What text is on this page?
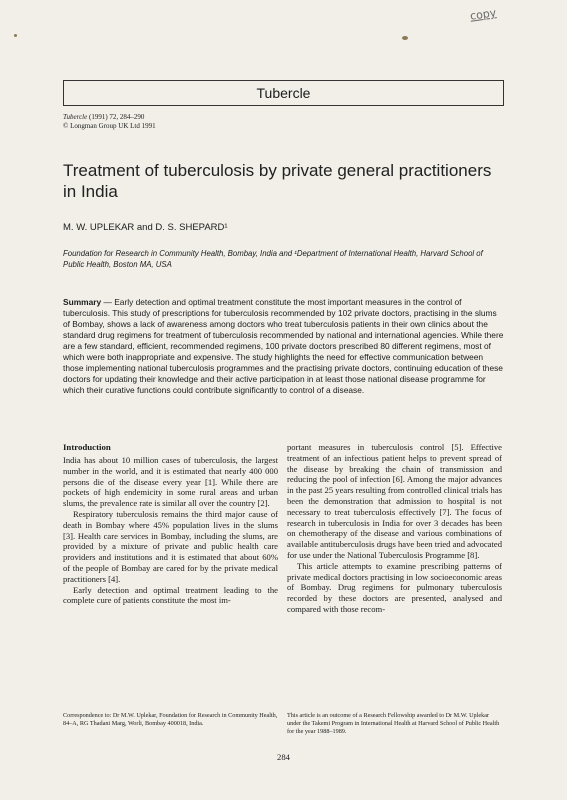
copy
Tubercle
Tubercle (1991) 72, 284–290
© Longman Group UK Ltd 1991
Treatment of tuberculosis by private general practitioners in India
M. W. UPLEKAR and D. S. SHEPARD¹
Foundation for Research in Community Health, Bombay, India and ¹Department of International Health, Harvard School of Public Health, Boston MA, USA
Summary — Early detection and optimal treatment constitute the most important measures in the control of tuberculosis. This study of prescriptions for tuberculosis recommended by 102 private doctors, practising in the slums of Bombay, shows a lack of awareness among doctors who treat tuberculosis patients in their own clinics about the standard drug regimens for treatment of tuberculosis recommended by national and international agencies. While there are a few standard, efficient, recommended regimens, 100 private doctors prescribed 80 different regimens, most of which were both inappropriate and expensive. The study highlights the need for effective communication between those implementing national tuberculosis programmes and the practising private doctors, continuing education of these doctors for updating their knowledge and their active participation in at least those national disease programme for which their curative functions could contribute significantly to control of a disease.
Introduction

India has about 10 million cases of tuberculosis, the largest number in the world, and it is estimated that nearly 400 000 persons die of the disease every year [1]. While there are pockets of high endemicity in some rural areas and urban slums, the prevalence rate is similar all over the country [2].

Respiratory tuberculosis remains the third major cause of death in Bombay where 45% population lives in the slums [3]. Health care services in Bombay, including the slums, are provided by a mixture of private and public health care providers and institutions and it is estimated that about 60% of the people of Bombay are cared for by the private medical practitioners [4].

Early detection and optimal treatment leading to the complete cure of patients constitute the most im-

portant measures in tuberculosis control [5]. Effective treatment of an infectious patient helps to prevent spread of the disease by breaking the chain of transmission and reducing the pool of infection [6]. Among the major advances in the past 25 years resulting from controlled clinical trials has been the demonstration that admission to hospital is not necessary to treat tuberculosis effectively [7]. The focus of research in tuberculosis in India for over 3 decades has been on chemotherapy of the disease and various combinations of available antituberculosis drugs have been tried and advocated for use under the National Tuberculosis Programme [8].

This article attempts to examine prescribing patterns of private medical doctors practising in low socioeconomic areas of Bombay. Drug regimens for pulmonary tuberculosis recorded by these doctors are presented, analysed and compared with those recom-

Correspondence to: Dr M.W. Uplekar, Foundation for Research in Community Health, 84–A, RG Thadani Marg, Worli, Bombay 400018, India.
This article is an outcome of a Research Fellowship awarded to Dr M.W. Uplekar under the Takemi Program in International Health at Harvard School of Public Health for the year 1988–1989.
284
